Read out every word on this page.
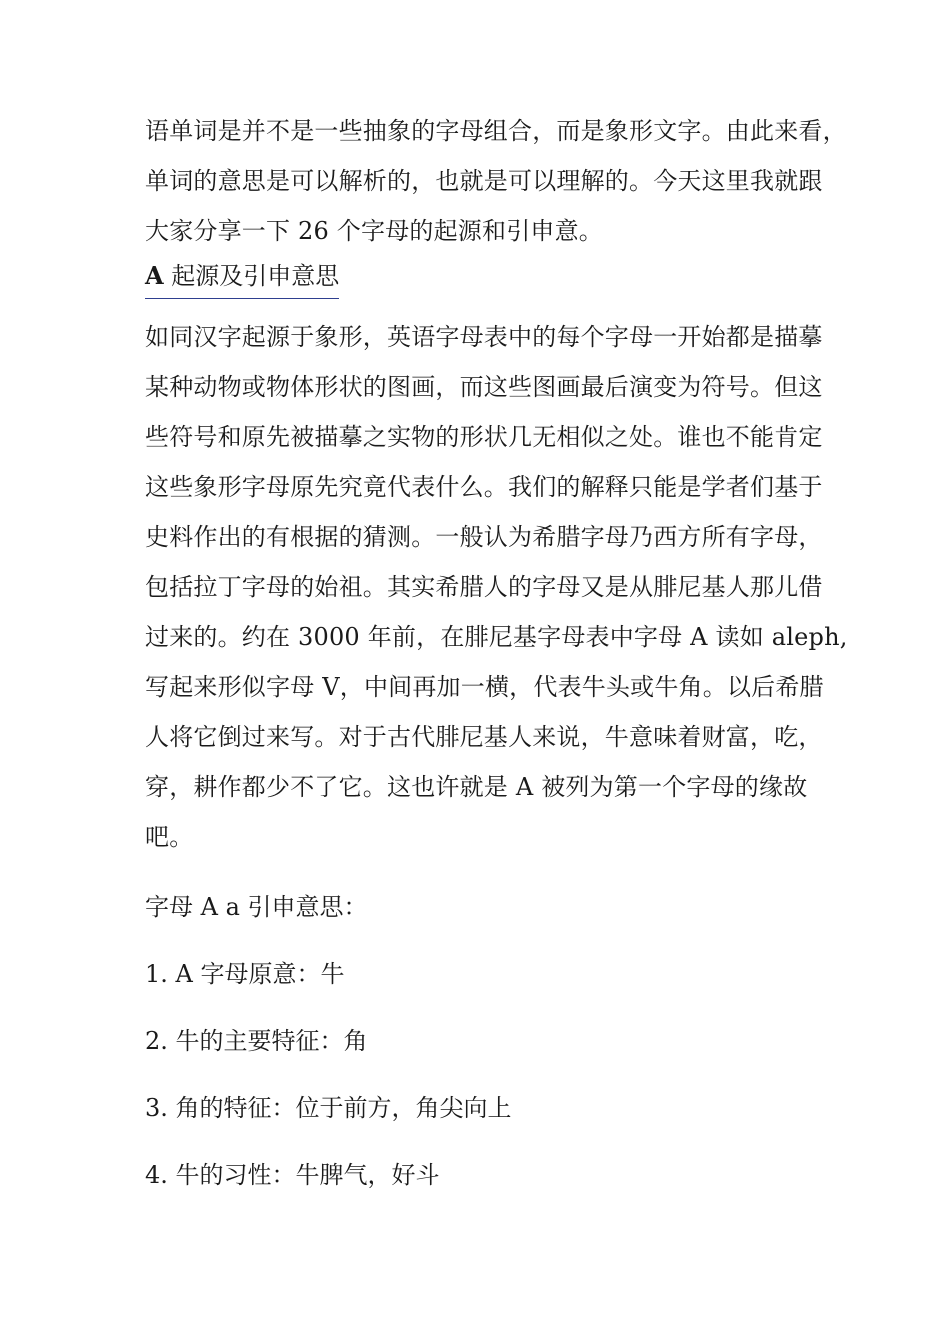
语单词是并不是一些抽象的字母组合，而是象形文字。由此来看，
单词的意思是可以解析的，也就是可以理解的。今天这里我就跟
大家分享一下 26 个字母的起源和引申意。

A 起源及引申意思

如同汉字起源于象形，英语字母表中的每个字母一开始都是描摹
某种动物或物体形状的图画，而这些图画最后演变为符号。但这
些符号和原先被描摹之实物的形状几无相似之处。谁也不能肯定
这些象形字母原先究竟代表什么。我们的解释只能是学者们基于
史料作出的有根据的猜测。一般认为希腊字母乃西方所有字母，
包括拉丁字母的始祖。其实希腊人的字母又是从腓尼基人那儿借
过来的。约在 3000 年前，在腓尼基字母表中字母 A 读如 aleph,
写起来形似字母 V，中间再加一横，代表牛头或牛角。以后希腊
人将它倒过来写。对于古代腓尼基人来说，牛意味着财富，吃，
穿，耕作都少不了它。这也许就是 A 被列为第一个字母的缘故
吧。

字母 A a 引申意思：

1. A 字母原意：牛

2. 牛的主要特征：角

3. 角的特征：位于前方，角尖向上

4. 牛的习性：牛脾气，好斗
